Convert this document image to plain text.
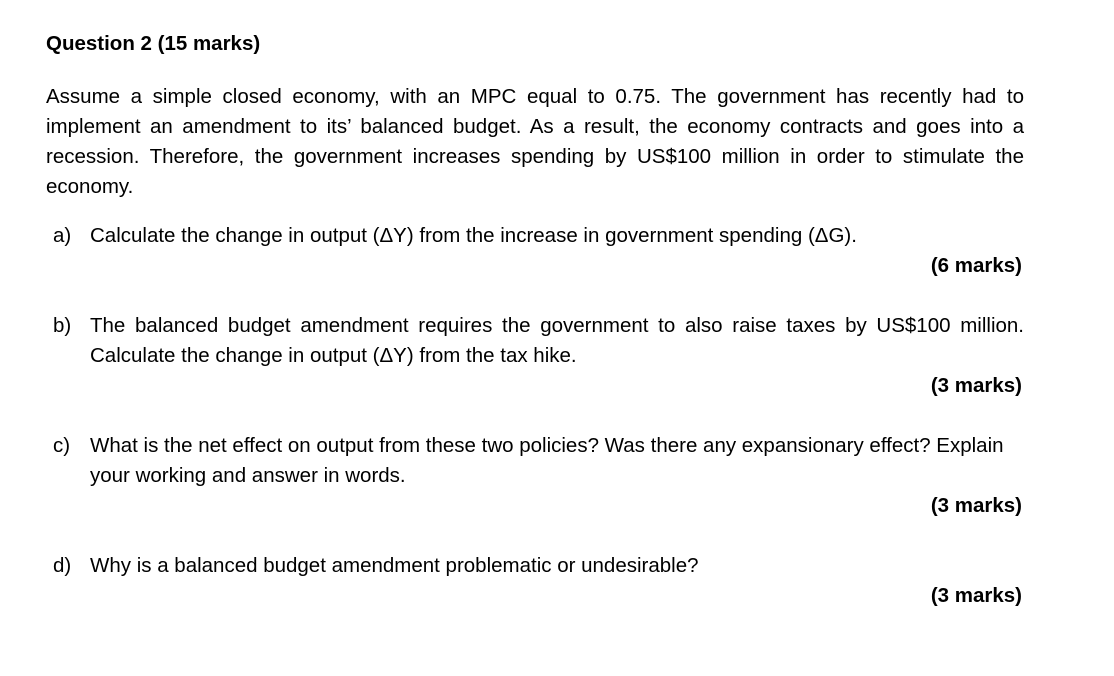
Question 2 (15 marks)

Assume a simple closed economy, with an MPC equal to 0.75. The government has recently had to implement an amendment to its’ balanced budget. As a result, the economy contracts and goes into a recession. Therefore, the government increases spending by US$100 million in order to stimulate the economy.

a) Calculate the change in output (ΔY) from the increase in government spending (ΔG).

(6 marks)
b) The balanced budget amendment requires the government to also raise taxes by US$100 million. Calculate the change in output (ΔY) from the tax hike.

(3 marks)
c) What is the net effect on output from these two policies? Was there any expansionary effect? Explain your working and answer in words.

(3 marks)
d) Why is a balanced budget amendment problematic or undesirable?

(3 marks)
